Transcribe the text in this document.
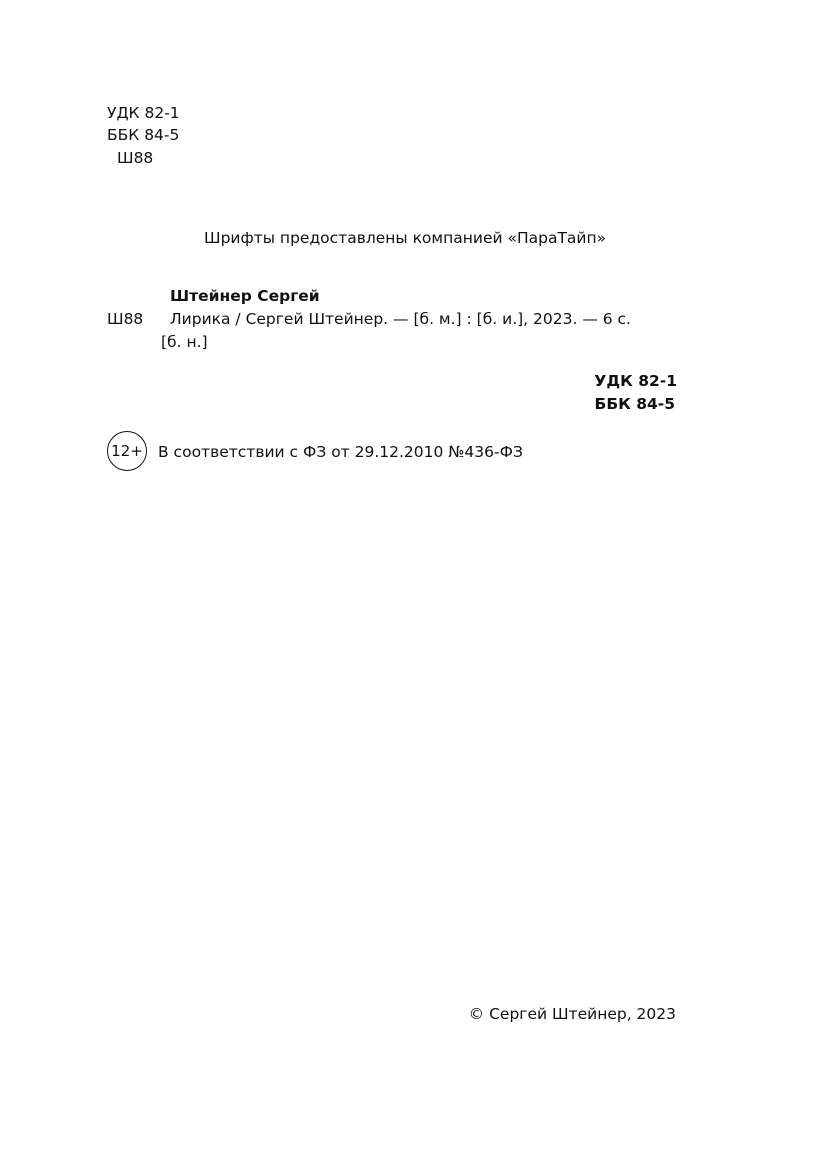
УДК 82-1
ББК 84-5
Ш88
Шрифты предоставлены компанией «ПараТайп»
Штейнер Сергей
Ш88 Лирика / Сергей Штейнер. — [б. м.] : [б. и.], 2023. — 6 с.
[б. н.]
УДК 82-1
ББК 84-5
12+ В соответствии с ФЗ от 29.12.2010 №436-ФЗ
© Сергей Штейнер, 2023
